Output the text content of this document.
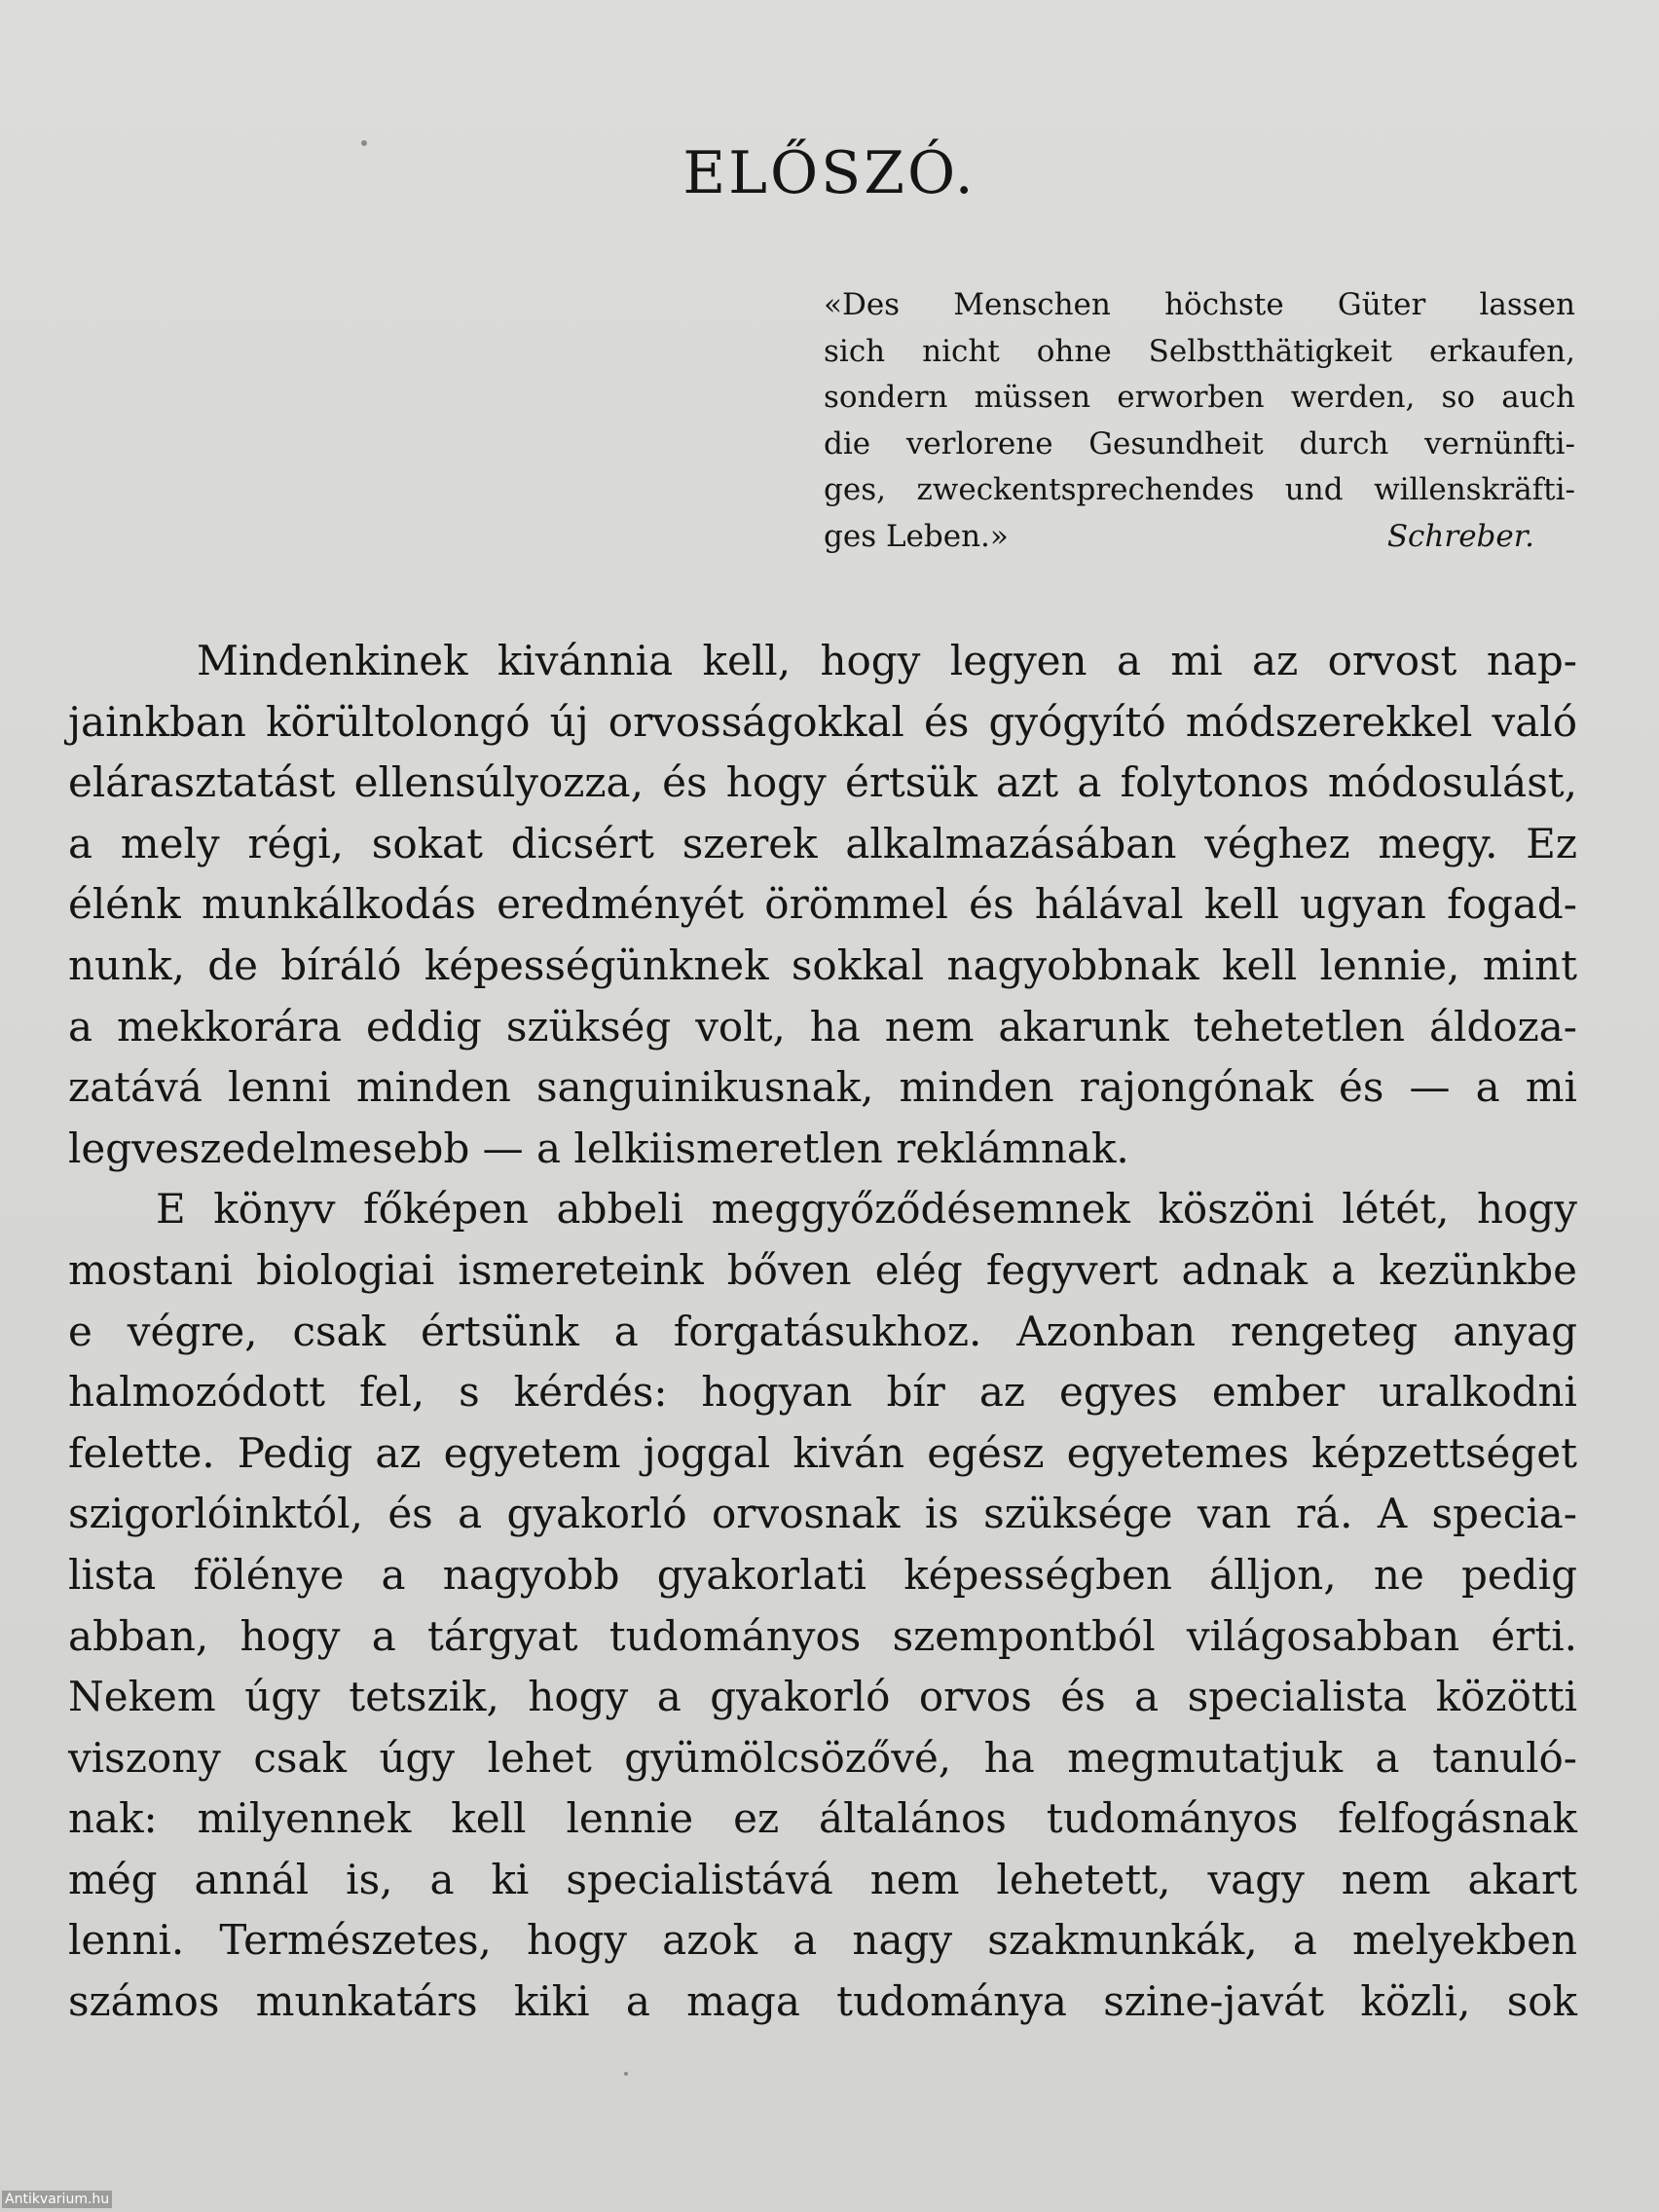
ELŐSZÓ.
«Des Menschen höchste Güter lassen
sich nicht ohne Selbstthätigkeit erkaufen,
sondern müssen erworben werden, so auch
die verlorene Gesundheit durch vernünfti-
ges, zweckentsprechendes und willenskräfti-
ges Leben.»	Schreber.
Mindenkinek kivánnia kell, hogy legyen a mi az orvost nap-
jainkban körültolongó új orvosságokkal és gyógyító módszerekkel való
elárasztatást ellensúlyozza, és hogy értsük azt a folytonos módosulást,
a mely régi, sokat dicsért szerek alkalmazásában véghez megy. Ez
élénk munkálkodás eredményét örömmel és hálával kell ugyan fogad-
nunk, de bíráló képességünknek sokkal nagyobbnak kell lennie, mint
a mekkorára eddig szükség volt, ha nem akarunk tehetetlen áldoza-
zatává lenni minden sanguinikusnak, minden rajongónak és — a mi
legveszedelmesebb — a lelkiismeretlen reklámnak.
E könyv főképen abbeli meggyőződésemnek köszöni létét, hogy
mostani biologiai ismereteink bőven elég fegyvert adnak a kezünkbe
e végre, csak értsünk a forgatásukhoz. Azonban rengeteg anyag
halmozódott fel, s kérdés: hogyan bír az egyes ember uralkodni
felette. Pedig az egyetem joggal kiván egész egyetemes képzettséget
szigorlóinktól, és a gyakorló orvosnak is szüksége van rá. A specia-
lista fölénye a nagyobb gyakorlati képességben álljon, ne pedig
abban, hogy a tárgyat tudományos szempontból világosabban érti.
Nekem úgy tetszik, hogy a gyakorló orvos és a specialista közötti
viszony csak úgy lehet gyümölcsözővé, ha megmutatjuk a tanuló-
nak: milyennek kell lennie ez általános tudományos felfogásnak
még annál is, a ki specialistává nem lehetett, vagy nem akart
lenni. Természetes, hogy azok a nagy szakmunkák, a melyekben
számos munkatárs kiki a maga tudománya szine-javát közli, sok
Antikvarium.hu
